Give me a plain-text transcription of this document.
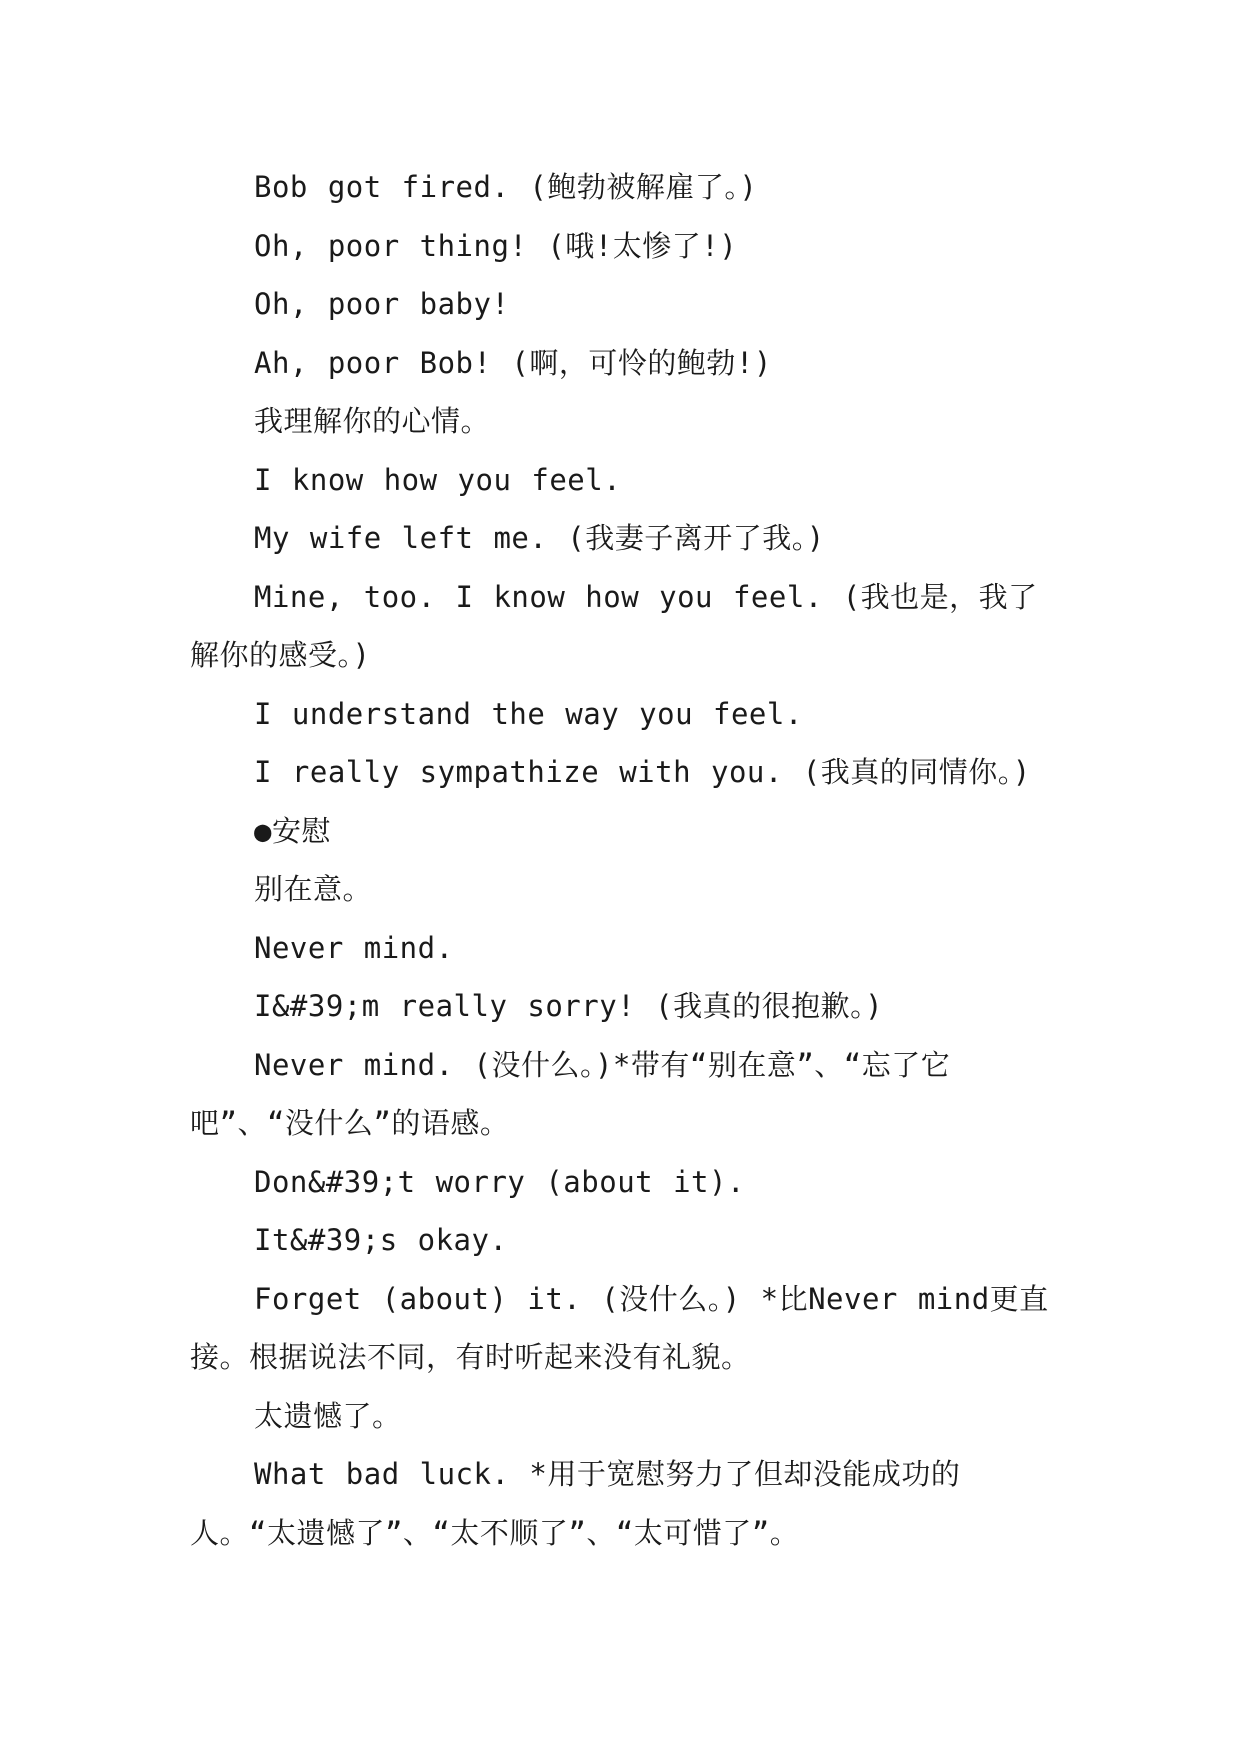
Bob got fired. (鲍勃被解雇了。)

Oh, poor thing! (哦!太惨了!)

Oh, poor baby!

Ah, poor Bob! (啊，可怜的鲍勃!)

我理解你的心情。

I know how you feel.

My wife left me. (我妻子离开了我。)

Mine, too. I know how you feel. (我也是，我了解你的感受。)

I understand the way you feel.

I really sympathize with you. (我真的同情你。)

●安慰

别在意。

Never mind.

I&#39;m really sorry! (我真的很抱歉。)

Never mind. (没什么。)*带有“别在意”、“忘了它吧”、“没什么”的语感。

Don&#39;t worry (about it).

It&#39;s okay.

Forget (about) it. (没什么。) *比Never mind更直接。根据说法不同，有时听起来没有礼貌。

太遗憾了。

What bad luck. *用于宽慰努力了但却没能成功的人。“太遗憾了”、“太不顺了”、“太可惜了”。
